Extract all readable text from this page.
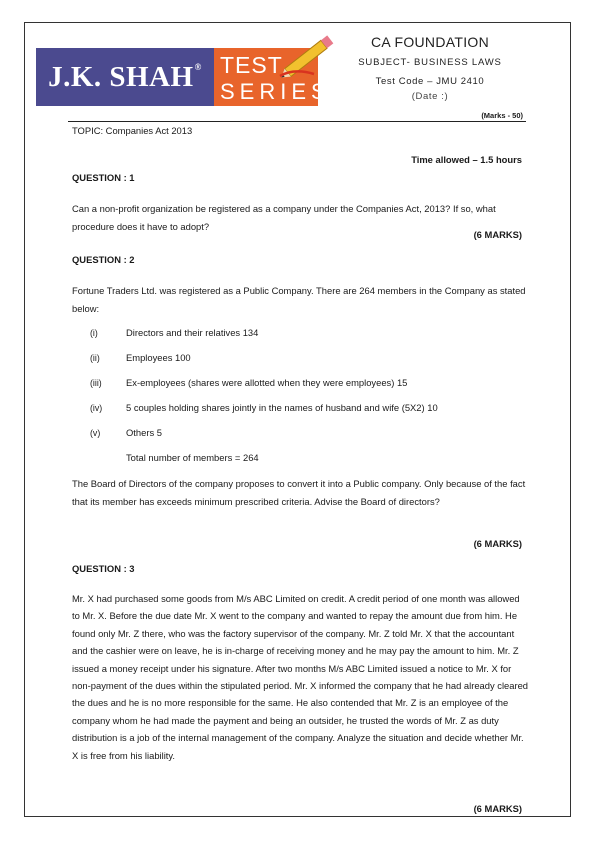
J.K. SHAH ® TEST
SERIES
CA FOUNDATION
SUBJECT- BUSINESS LAWS
Test Code – JMU 2410
(Date :)
(Marks - 50)
TOPIC: Companies Act 2013
Time allowed – 1.5 hours
QUESTION : 1
Can a non-profit organization be registered as a company under the Companies Act, 2013? If so, what procedure does it have to adopt?
(6 MARKS)
QUESTION : 2
Fortune Traders Ltd. was registered as a Public Company. There are 264 members in the Company as stated below:
(i)	Directors and their relatives 134
(ii)	Employees 100
(iii)	Ex-employees (shares were allotted when they were employees) 15
(iv)	5 couples holding shares jointly in the names of husband and wife (5X2) 10
(v)	Others 5
Total number of members = 264
The Board of Directors of the company proposes to convert it into a Public company. Only because of the fact that its member has exceeds minimum prescribed criteria. Advise the Board of directors?
(6 MARKS)
QUESTION : 3
Mr. X had purchased some goods from M/s ABC Limited on credit. A credit period of one month was allowed to Mr. X. Before the due date Mr. X went to the company and wanted to repay the amount due from him. He found only Mr. Z there, who was the factory supervisor of the company. Mr. Z told Mr. X that the accountant and the cashier were on leave, he is in-charge of receiving money and he may pay the amount to him. Mr. Z issued a money receipt under his signature. After two months M/s ABC Limited issued a notice to Mr. X for non-payment of the dues within the stipulated period. Mr. X informed the company that he had already cleared the dues and he is no more responsible for the same. He also contended that Mr. Z is an employee of the company whom he had made the payment and being an outsider, he trusted the words of Mr. Z as duty distribution is a job of the internal management of the company. Analyze the situation and decide whether Mr. X is free from his liability.
(6 MARKS)
